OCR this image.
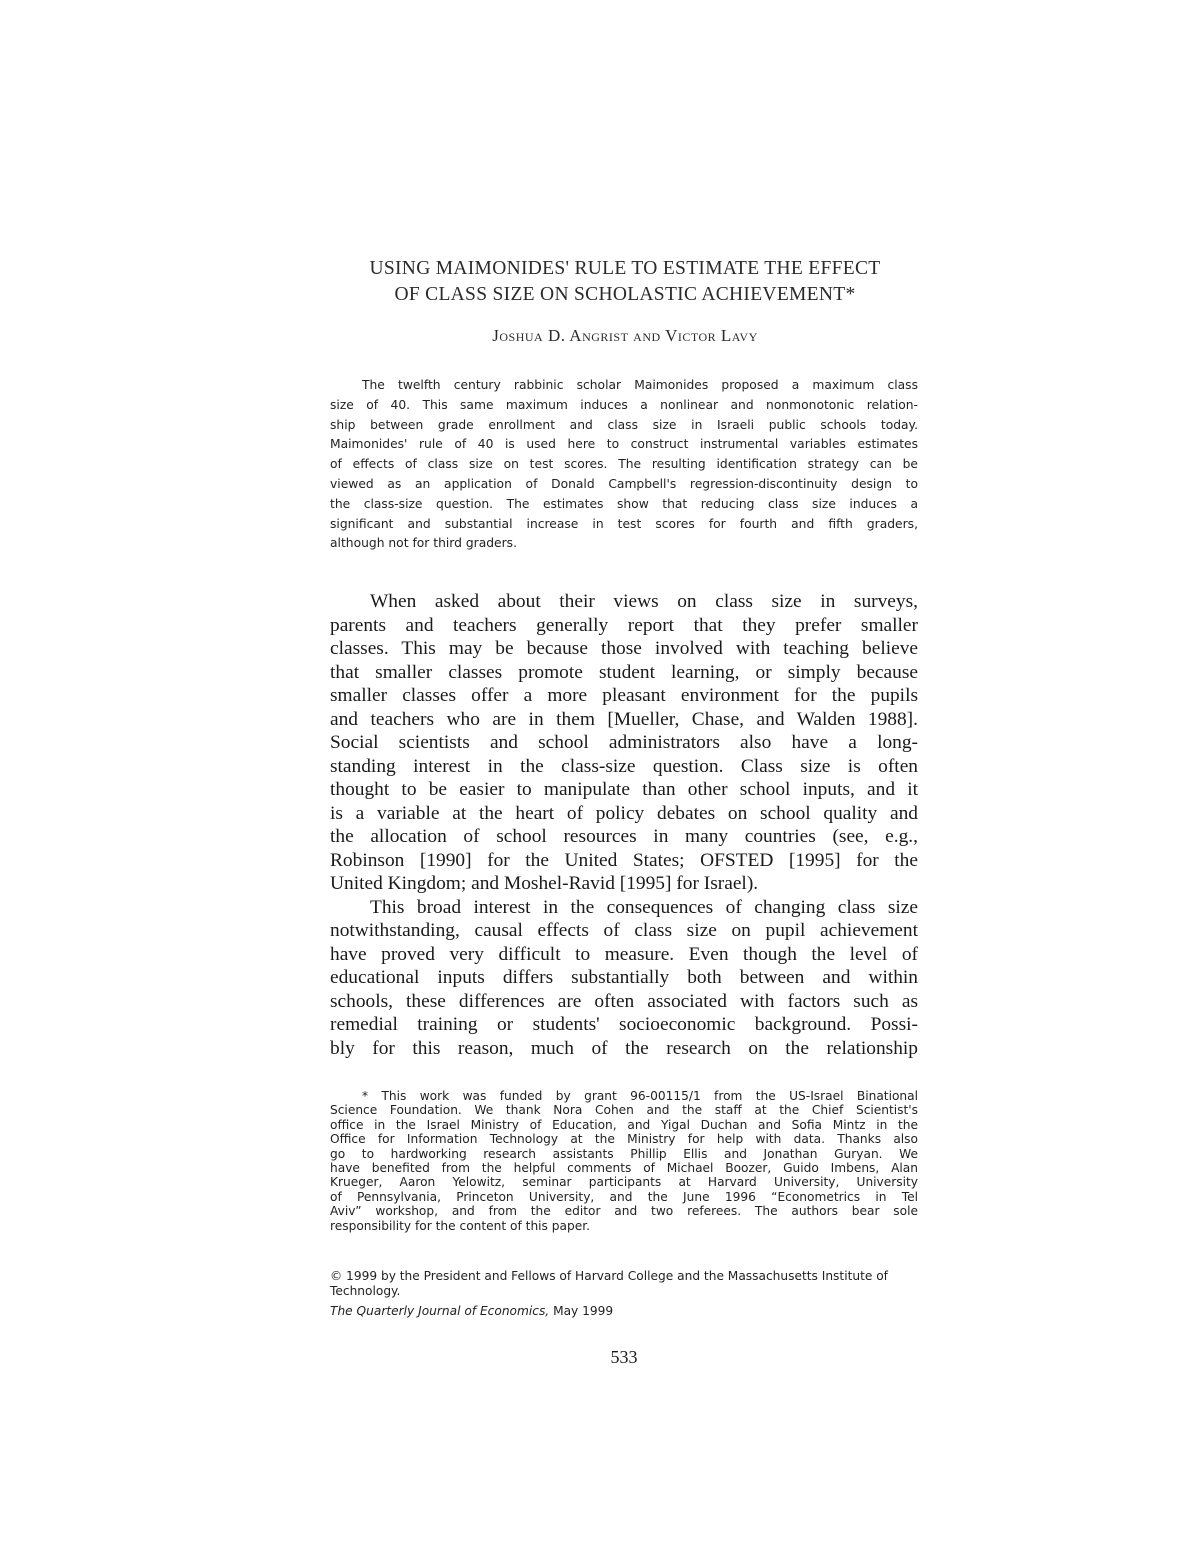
USING MAIMONIDES' RULE TO ESTIMATE THE EFFECT
OF CLASS SIZE ON SCHOLASTIC ACHIEVEMENT*
Joshua D. Angrist and Victor Lavy
The twelfth century rabbinic scholar Maimonides proposed a maximum class
size of 40. This same maximum induces a nonlinear and nonmonotonic relation-
ship between grade enrollment and class size in Israeli public schools today.
Maimonides' rule of 40 is used here to construct instrumental variables estimates
of effects of class size on test scores. The resulting identification strategy can be
viewed as an application of Donald Campbell's regression-discontinuity design to
the class-size question. The estimates show that reducing class size induces a
significant and substantial increase in test scores for fourth and fifth graders,
although not for third graders.
When asked about their views on class size in surveys,
parents and teachers generally report that they prefer smaller
classes. This may be because those involved with teaching believe
that smaller classes promote student learning, or simply because
smaller classes offer a more pleasant environment for the pupils
and teachers who are in them [Mueller, Chase, and Walden 1988].
Social scientists and school administrators also have a long-
standing interest in the class-size question. Class size is often
thought to be easier to manipulate than other school inputs, and it
is a variable at the heart of policy debates on school quality and
the allocation of school resources in many countries (see, e.g.,
Robinson [1990] for the United States; OFSTED [1995] for the
United Kingdom; and Moshel-Ravid [1995] for Israel).
This broad interest in the consequences of changing class size
notwithstanding, causal effects of class size on pupil achievement
have proved very difficult to measure. Even though the level of
educational inputs differs substantially both between and within
schools, these differences are often associated with factors such as
remedial training or students' socioeconomic background. Possi-
bly for this reason, much of the research on the relationship
* This work was funded by grant 96-00115/1 from the US-Israel Binational
Science Foundation. We thank Nora Cohen and the staff at the Chief Scientist's
office in the Israel Ministry of Education, and Yigal Duchan and Sofia Mintz in the
Office for Information Technology at the Ministry for help with data. Thanks also
go to hardworking research assistants Phillip Ellis and Jonathan Guryan. We
have benefited from the helpful comments of Michael Boozer, Guido Imbens, Alan
Krueger, Aaron Yelowitz, seminar participants at Harvard University, University
of Pennsylvania, Princeton University, and the June 1996 “Econometrics in Tel
Aviv” workshop, and from the editor and two referees. The authors bear sole
responsibility for the content of this paper.
© 1999 by the President and Fellows of Harvard College and the Massachusetts Institute of
Technology.
The Quarterly Journal of Economics, May 1999
533
